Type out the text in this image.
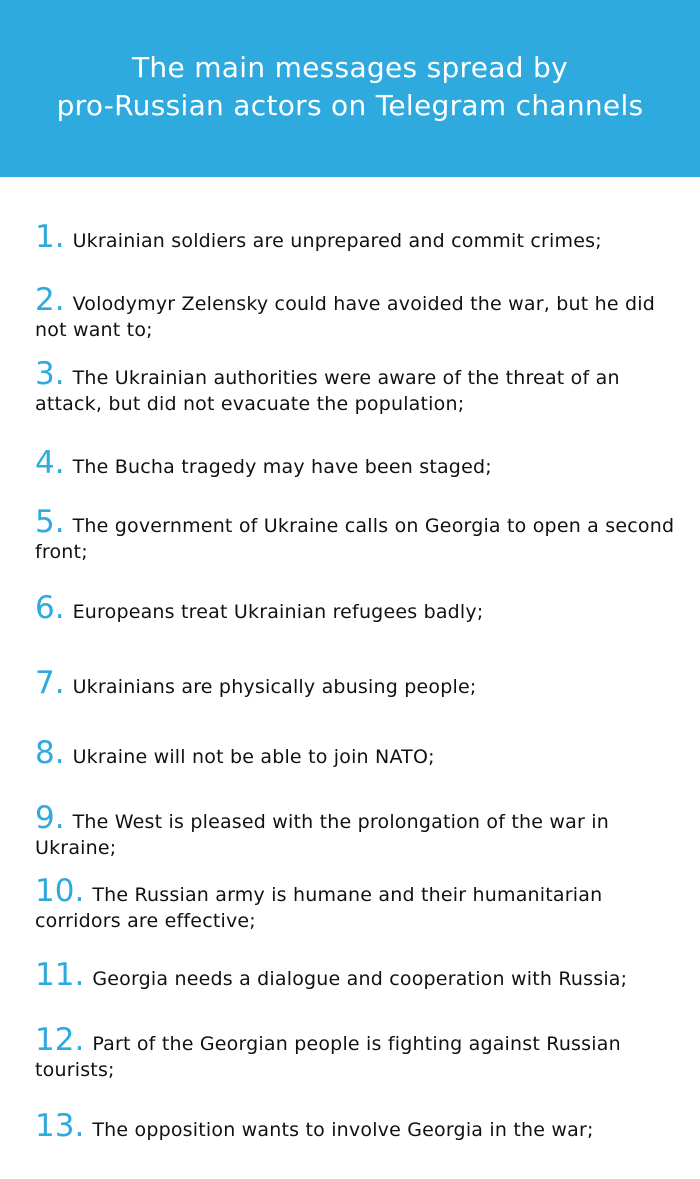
The main messages spread by
pro-Russian actors on Telegram channels
1. Ukrainian soldiers are unprepared and commit crimes;
2. Volodymyr Zelensky could have avoided the war, but he did not want to;
3. The Ukrainian authorities were aware of the threat of an attack, but did not evacuate the population;
4. The Bucha tragedy may have been staged;
5. The government of Ukraine calls on Georgia to open a second front;
6. Europeans treat Ukrainian refugees badly;
7. Ukrainians are physically abusing people;
8. Ukraine will not be able to join NATO;
9. The West is pleased with the prolongation of the war in Ukraine;
10. The Russian army is humane and their humanitarian corridors are effective;
11. Georgia needs a dialogue and cooperation with Russia;
12. Part of the Georgian people is fighting against Russian tourists;
13. The opposition wants to involve Georgia in the war;
